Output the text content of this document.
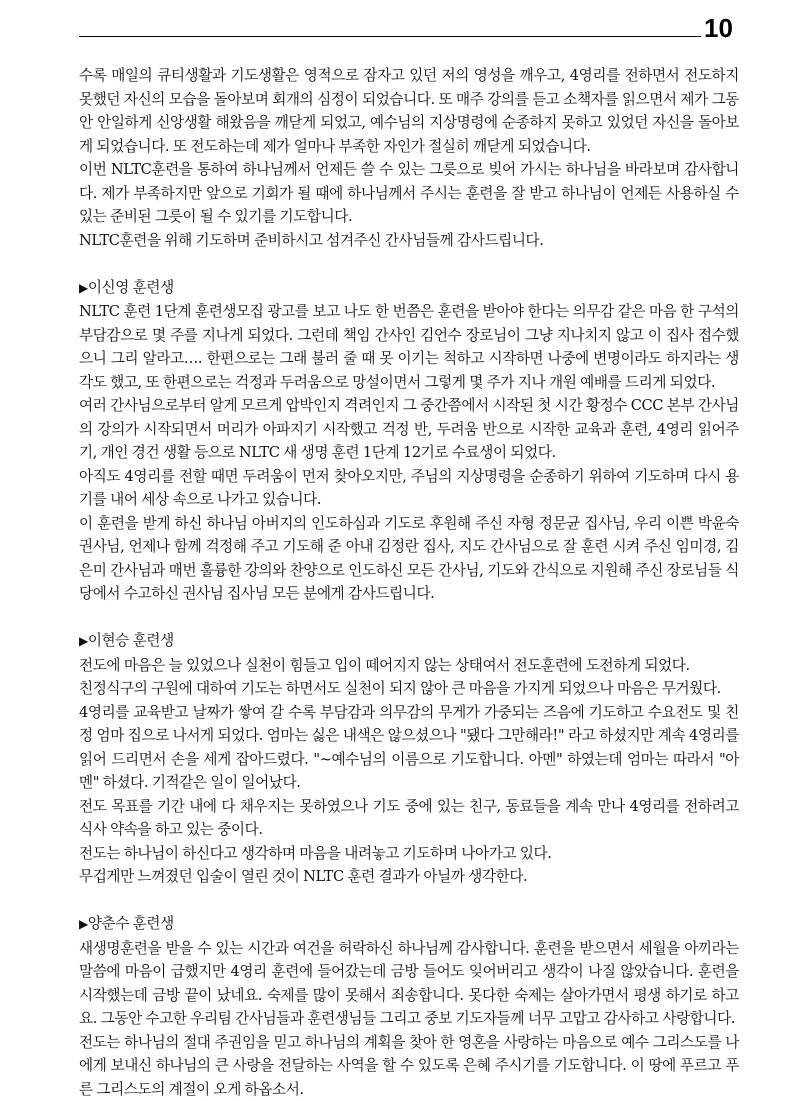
10

수록 매일의 큐티생활과 기도생활은 영적으로 잠자고 있던 저의 영성을 깨우고, 4영리를 전하면서 전도하지 못했던 자신의 모습을 돌아보며 회개의 심정이 되었습니다. 또 매주 강의를 듣고 소책자를 읽으면서 제가 그동안 안일하게 신앙생활 해왔음을 깨닫게 되었고, 예수님의 지상명령에 순종하지 못하고 있었던 자신을 돌아보게 되었습니다. 또 전도하는데 제가 얼마나 부족한 자인가 절실히 깨닫게 되었습니다.

이번 NLTC훈련을 통하여 하나님께서 언제든 쓸 수 있는 그릇으로 빚어 가시는 하나님을 바라보며 감사합니다. 제가 부족하지만 앞으로 기회가 될 때에 하나님께서 주시는 훈련을 잘 받고 하나님이 언제든 사용하실 수 있는 준비된 그릇이 될 수 있기를 기도합니다.

NLTC훈련을 위해 기도하며 준비하시고 섬겨주신 간사님들께 감사드립니다.

▶이신영 훈련생

NLTC 훈련 1단계 훈련생모집 광고를 보고 나도 한 번쯤은 훈련을 받아야 한다는 의무감 같은 마음 한 구석의 부담감으로 몇 주를 지나게 되었다. 그런데 책임 간사인 김언수 장로님이 그냥 지나치지 않고 이 집사 접수했으니 그리 알라고…. 한편으로는 그래 불러 줄 때 못 이기는 척하고 시작하면 나중에 변명이라도 하지라는 생각도 했고, 또 한편으로는 걱정과 두려움으로 망설이면서 그렇게 몇 주가 지나 개원 예배를 드리게 되었다.

여러 간사님으로부터 알게 모르게 압박인지 격려인지 그 중간쯤에서 시작된 첫 시간 황정수 CCC 본부 간사님의 강의가 시작되면서 머리가 아파지기 시작했고 걱정 반, 두려움 반으로 시작한 교육과 훈련, 4영리 읽어주기, 개인 경건 생활 등으로 NLTC 새 생명 훈련 1단계 12기로 수료생이 되었다.

아직도 4영리를 전할 때면 두려움이 먼저 찾아오지만, 주님의 지상명령을 순종하기 위하여 기도하며 다시 용기를 내어 세상 속으로 나가고 있습니다.

이 훈련을 받게 하신 하나님 아버지의 인도하심과 기도로 후원해 주신 자형 정문균 집사님, 우리 이쁜 박윤숙 권사님, 언제나 함께 걱정해 주고 기도해 준 아내 김정란 집사, 지도 간사님으로 잘 훈련 시켜 주신 임미경, 김은미 간사님과 매번 훌륭한 강의와 찬양으로 인도하신 모든 간사님, 기도와 간식으로 지원해 주신 장로님들 식당에서 수고하신 권사님 집사님 모든 분에게 감사드립니다.

▶이현승 훈련생

전도에 마음은 늘 있었으나 실천이 힘들고 입이 떼어지지 않는 상태여서 전도훈련에 도전하게 되었다.

친정식구의 구원에 대하여 기도는 하면서도 실천이 되지 않아 큰 마음을 가지게 되었으나 마음은 무거웠다.

4영리를 교육받고 날짜가 쌓여 갈 수록 부담감과 의무감의 무게가 가중되는 즈음에 기도하고 수요전도 및 친정 엄마 집으로 나서게 되었다. 엄마는 싫은 내색은 않으셨으나 "됐다 그만해라!" 라고 하셨지만 계속 4영리를 읽어 드리면서 손을 세게 잡아드렸다. "~예수님의 이름으로 기도합니다. 아멘" 하였는데 엄마는 따라서 "아멘" 하셨다. 기적같은 일이 일어났다.

전도 목표를 기간 내에 다 채우지는 못하였으나 기도 중에 있는 친구, 동료들을 계속 만나 4영리를 전하려고 식사 약속을 하고 있는 중이다.

전도는 하나님이 하신다고 생각하며 마음을 내려놓고 기도하며 나아가고 있다.

무겁게만 느껴졌던 입술이 열린 것이 NLTC 훈련 결과가 아닐까 생각한다.

▶양춘수 훈련생

새생명훈련을 받을 수 있는 시간과 여건을 허락하신 하나님께 감사합니다. 훈련을 받으면서 세월을 아끼라는 말씀에 마음이 급했지만 4영리 훈련에 들어갔는데 금방 들어도 잊어버리고 생각이 나질 않았습니다. 훈련을 시작했는데 금방 끝이 났네요. 숙제를 많이 못해서 죄송합니다. 못다한 숙제는 살아가면서 평생 하기로 하고요. 그동안 수고한 우리팀 간사님들과 훈련생님들 그리고 중보 기도자들께 너무 고맙고 감사하고 사랑합니다.

전도는 하나님의 절대 주권임을 믿고 하나님의 계획을 찾아 한 영혼을 사랑하는 마음으로 예수 그리스도를 나에게 보내신 하나님의 큰 사랑을 전달하는 사역을 할 수 있도록 은혜 주시기를 기도합니다. 이 땅에 푸르고 푸른 그리스도의 계절이 오게 하옵소서.
